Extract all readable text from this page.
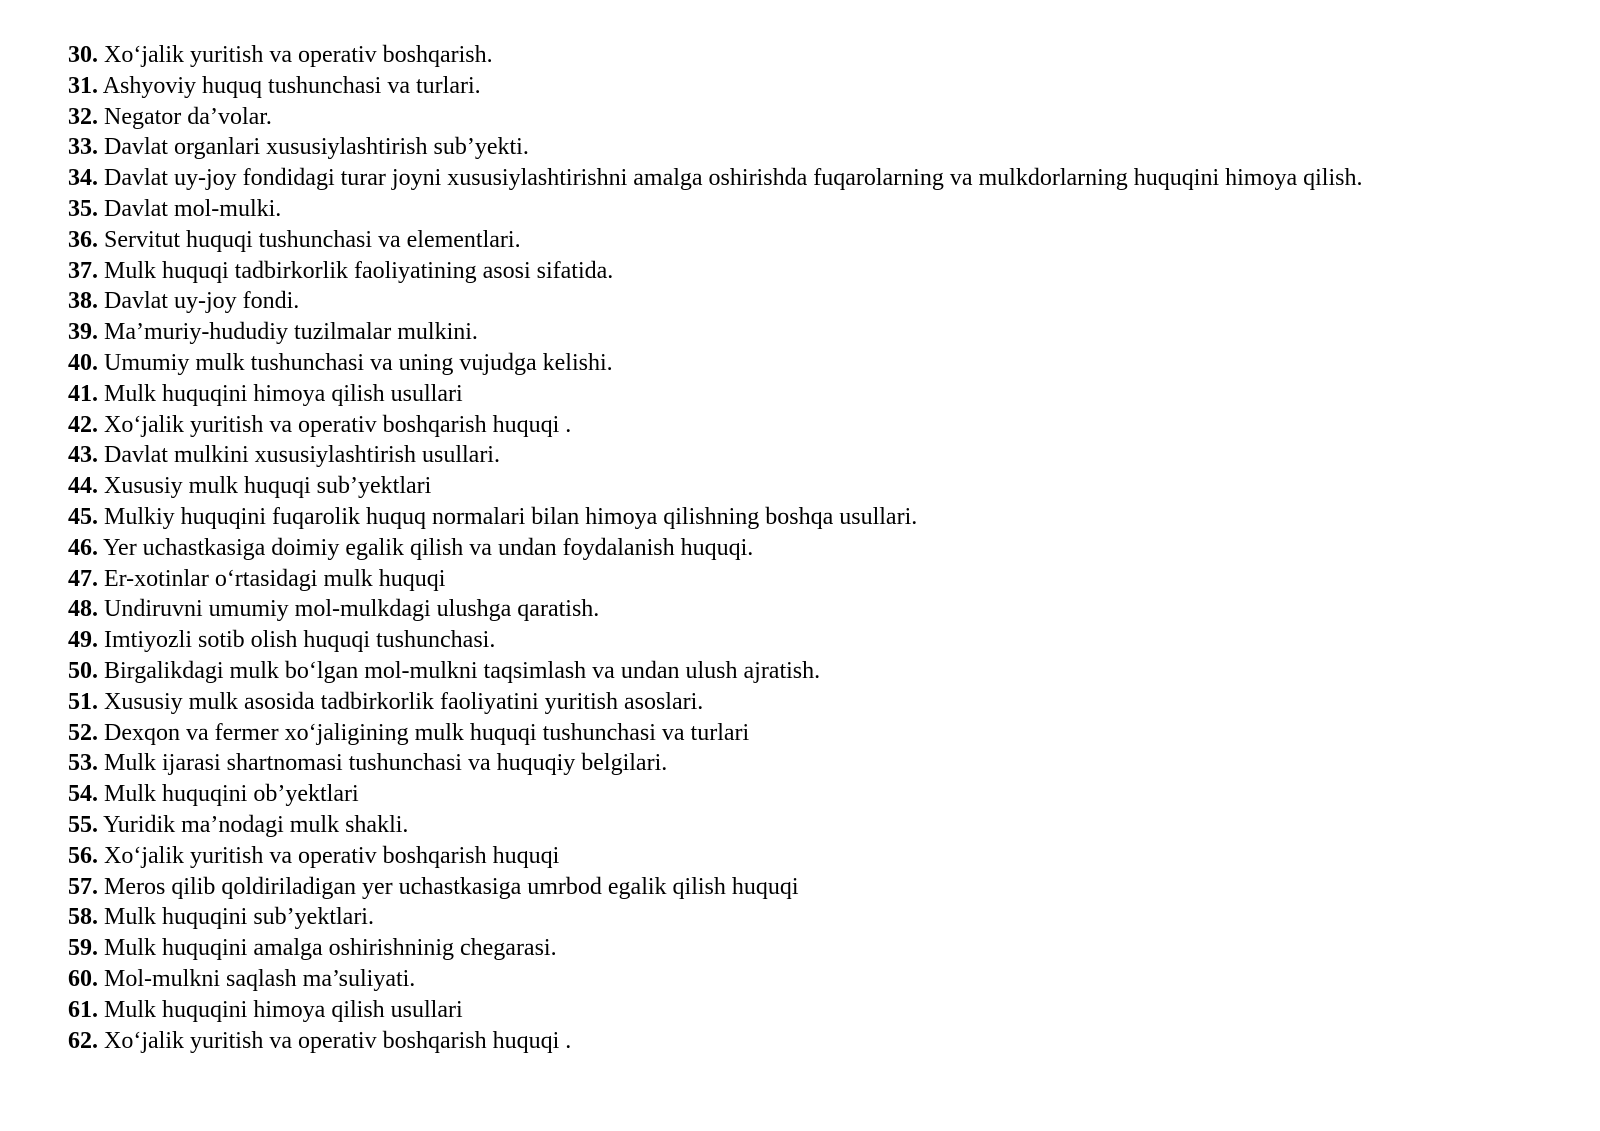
30. Xo‘jalik yuritish va operativ boshqarish.
31. Ashyoviy huquq tushunchasi va turlari.
32. Negator da’volar.
33. Davlat organlari xususiylashtirish sub’yekti.
34. Davlat uy-joy fondidagi turar joyni xususiylashtirishni amalga oshirishda fuqarolarning va mulkdorlarning huquqini himoya qilish.
35. Davlat mol-mulki.
36. Servitut huquqi tushunchasi va elementlari.
37. Mulk huquqi tadbirkorlik faoliyatining asosi sifatida.
38. Davlat uy-joy fondi.
39. Ma’muriy-hududiy tuzilmalar mulkini.
40. Umumiy mulk tushunchasi va uning vujudga kelishi.
41. Mulk huquqini himoya qilish usullari
42. Xo‘jalik yuritish va operativ boshqarish huquqi .
43. Davlat mulkini xususiylashtirish usullari.
44. Xususiy mulk huquqi sub’yektlari
45. Mulkiy huquqini fuqarolik huquq normalari bilan himoya qilishning boshqa usullari.
46. Yer uchastkasiga doimiy egalik qilish va undan foydalanish huquqi.
47. Er-xotinlar o‘rtasidagi mulk huquqi
48. Undiruvni umumiy mol-mulkdagi ulushga qaratish.
49. Imtiyozli sotib olish huquqi tushunchasi.
50. Birgalikdagi mulk bo‘lgan mol-mulkni taqsimlash va undan ulush ajratish.
51. Xususiy mulk asosida tadbirkorlik faoliyatini yuritish asoslari.
52. Dexqon va fermer xo‘jaligining mulk huquqi tushunchasi va turlari
53. Mulk ijarasi shartnomasi tushunchasi va huquqiy belgilari.
54. Mulk huquqini ob’yektlari
55. Yuridik ma’nodagi mulk shakli.
56. Xo‘jalik yuritish va operativ boshqarish huquqi
57. Meros qilib qoldiriladigan yer uchastkasiga umrbod egalik qilish huquqi
58. Mulk huquqini sub’yektlari.
59. Mulk huquqini amalga oshirishninig chegarasi.
60. Mol-mulkni saqlash ma’suliyati.
61. Mulk huquqini himoya qilish usullari
62. Xo‘jalik yuritish va operativ boshqarish huquqi .
